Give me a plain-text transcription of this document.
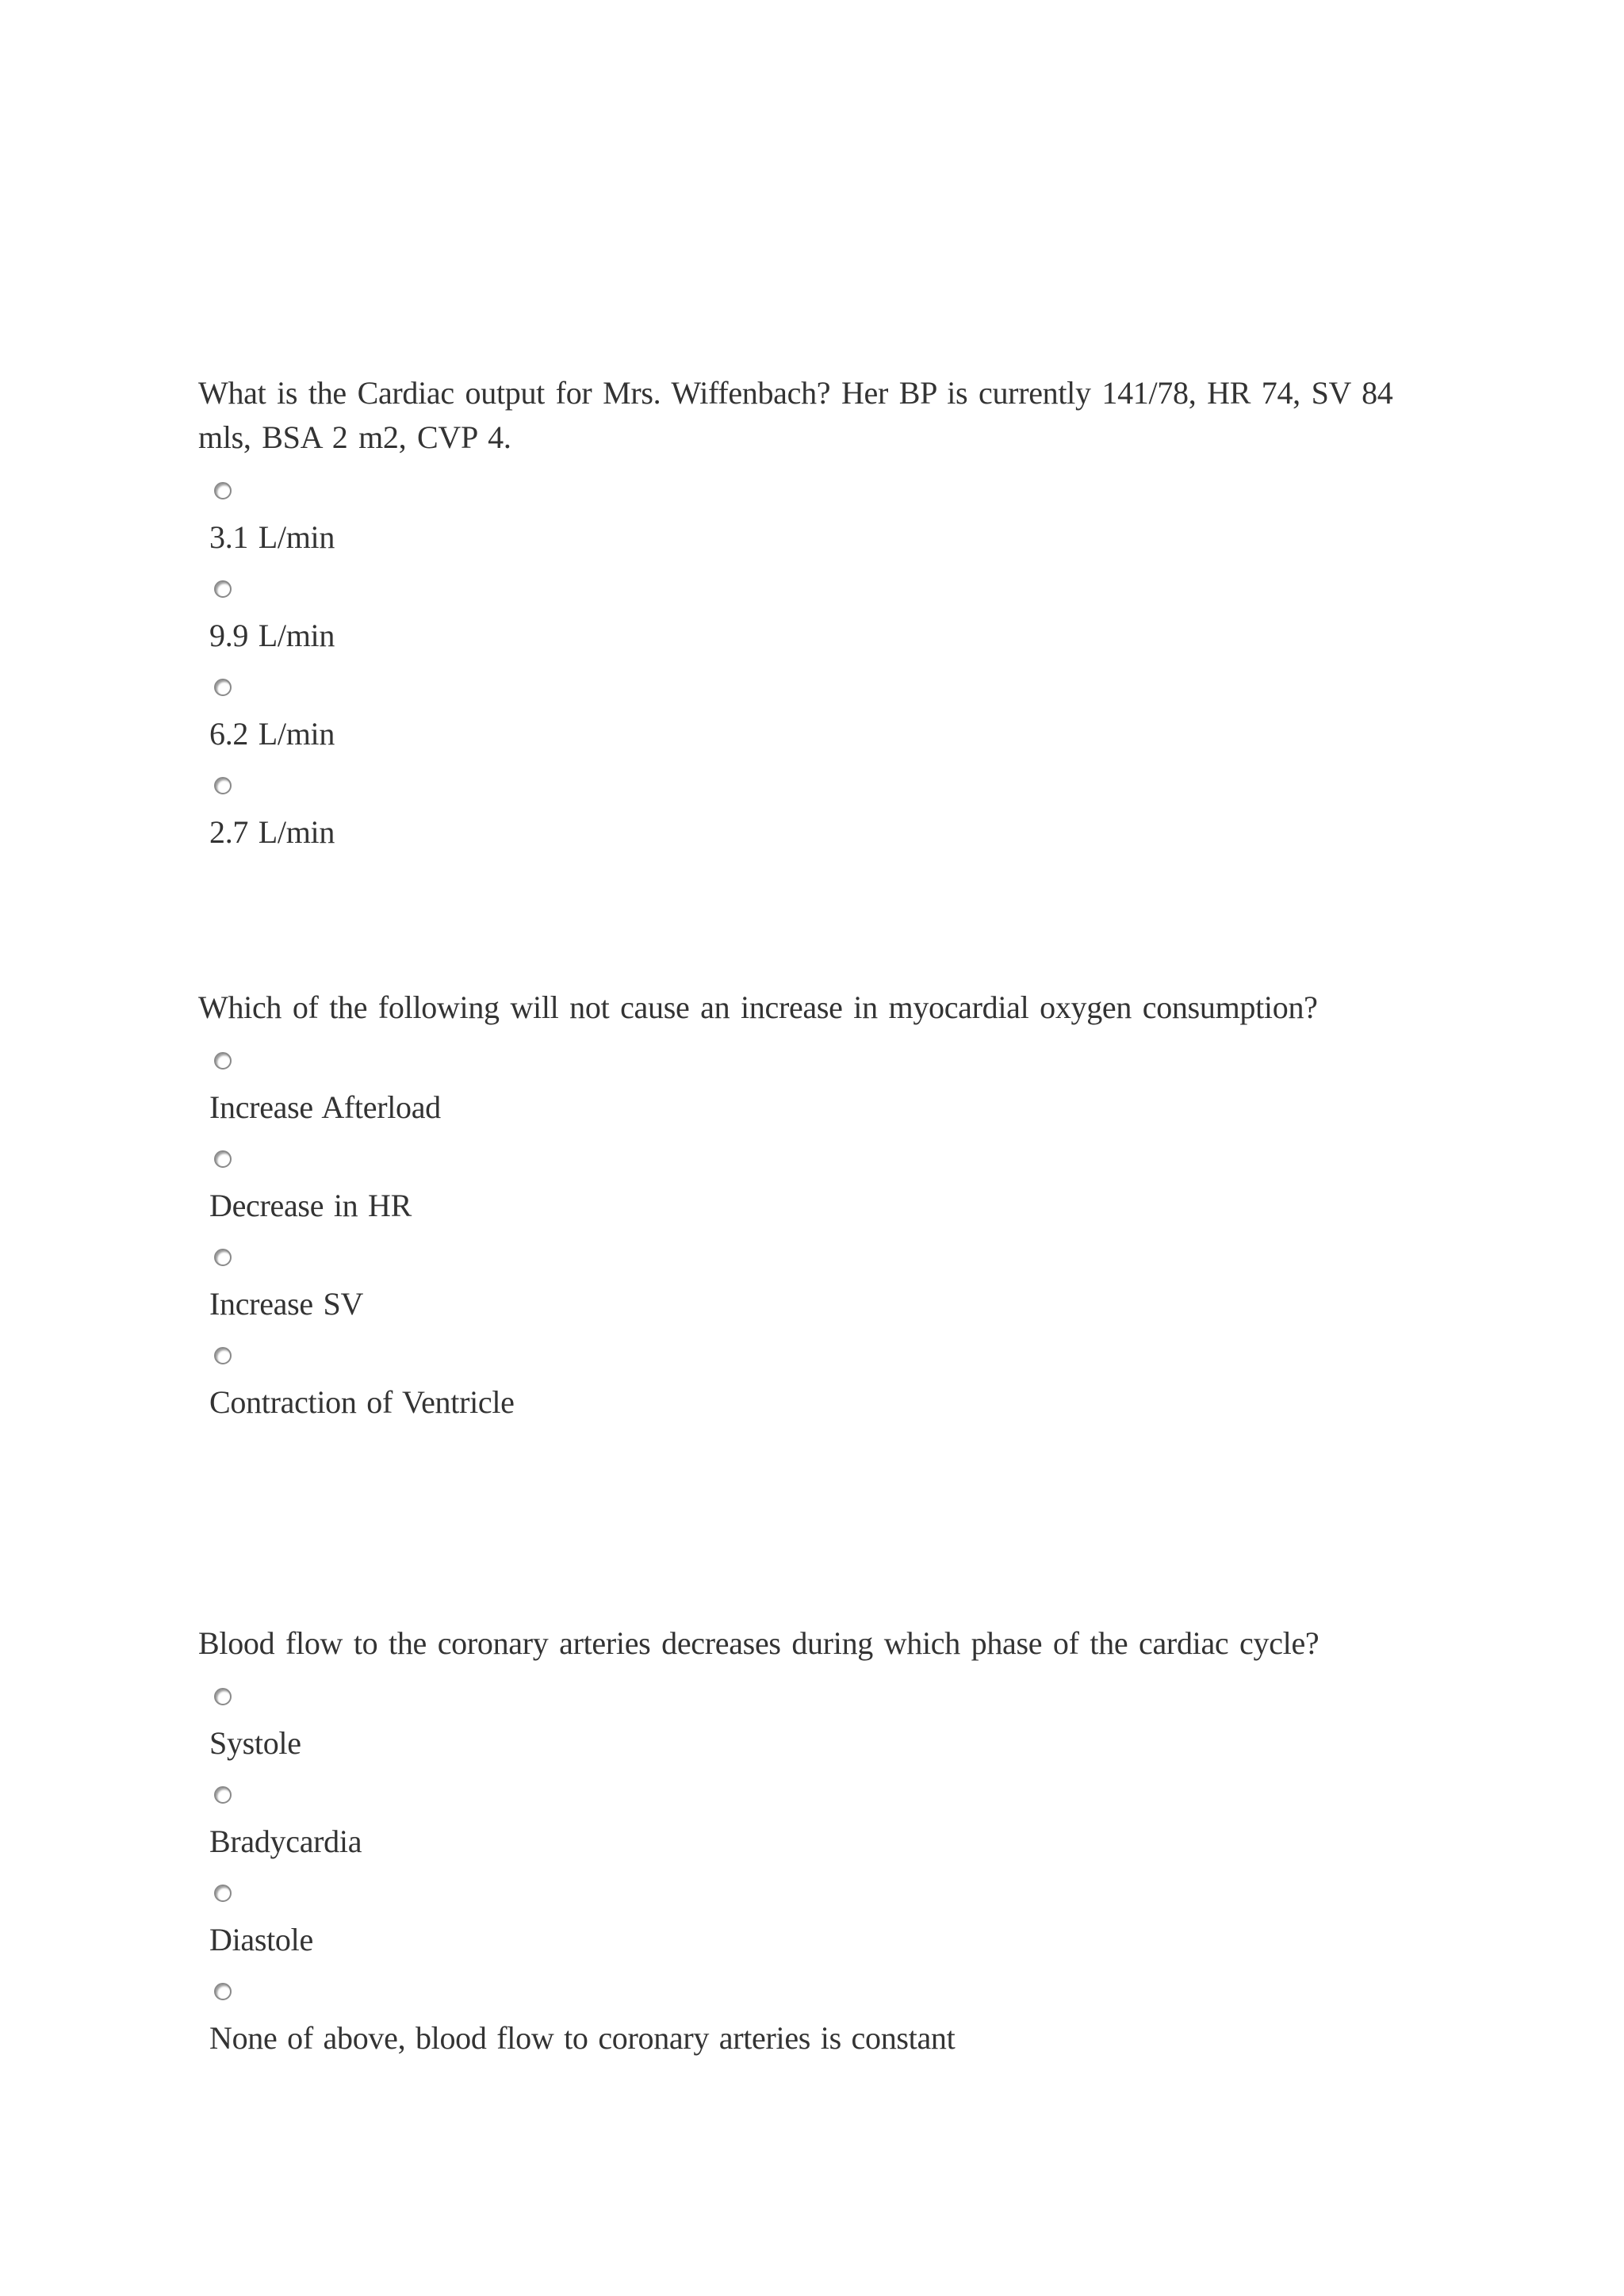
What is the Cardiac output for Mrs. Wiffenbach? Her BP is currently 141/78, HR 74, SV 84 mls, BSA 2 m2, CVP 4.

3.1 L/min
9.9 L/min
6.2 L/min
2.7 L/min

Which of the following will not cause an increase in myocardial oxygen consumption?

Increase Afterload
Decrease in HR
Increase SV
Contraction of Ventricle

Blood flow to the coronary arteries decreases during which phase of the cardiac cycle?

Systole
Bradycardia
Diastole
None of above, blood flow to coronary arteries is constant
